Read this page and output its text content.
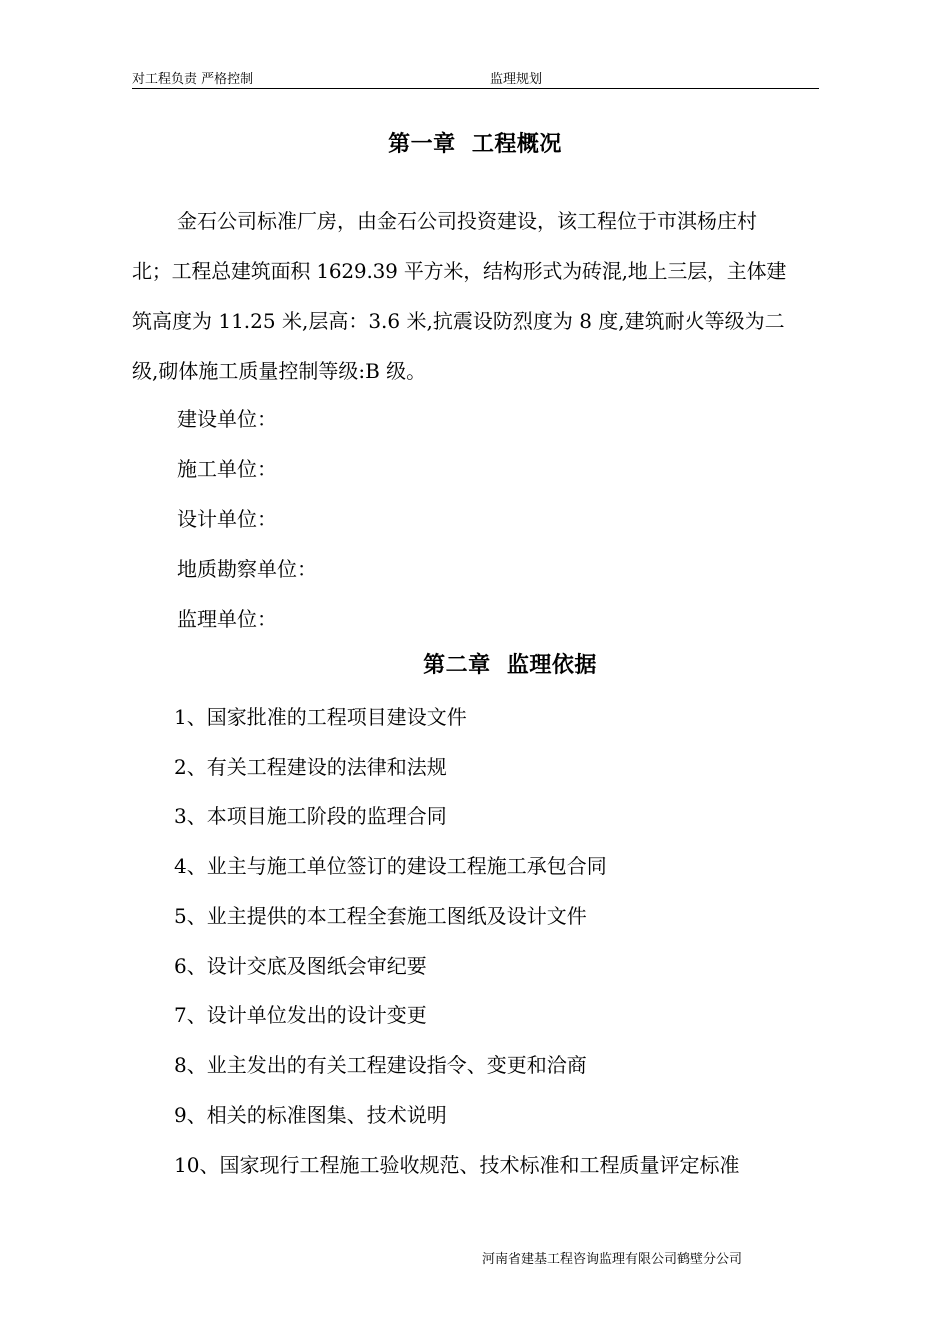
对工程负责 严格控制	监理规划
第一章  工程概况

金石公司标准厂房，由金石公司投资建设，该工程位于市淇杨庄村
北；工程总建筑面积 1629.39 平方米，结构形式为砖混,地上三层，主体建
筑高度为 11.25 米,层高：3.6 米,抗震设防烈度为 8 度,建筑耐火等级为二
级,砌体施工质量控制等级:B 级。

建设单位：
施工单位：
设计单位：
地质勘察单位：
监理单位：
第二章  监理依据
1、国家批准的工程项目建设文件
2、有关工程建设的法律和法规
3、本项目施工阶段的监理合同
4、业主与施工单位签订的建设工程施工承包合同
5、业主提供的本工程全套施工图纸及设计文件
6、设计交底及图纸会审纪要
7、设计单位发出的设计变更
8、业主发出的有关工程建设指令、变更和洽商
9、相关的标准图集、技术说明
10、国家现行工程施工验收规范、技术标准和工程质量评定标准
河南省建基工程咨询监理有限公司鹤壁分公司
